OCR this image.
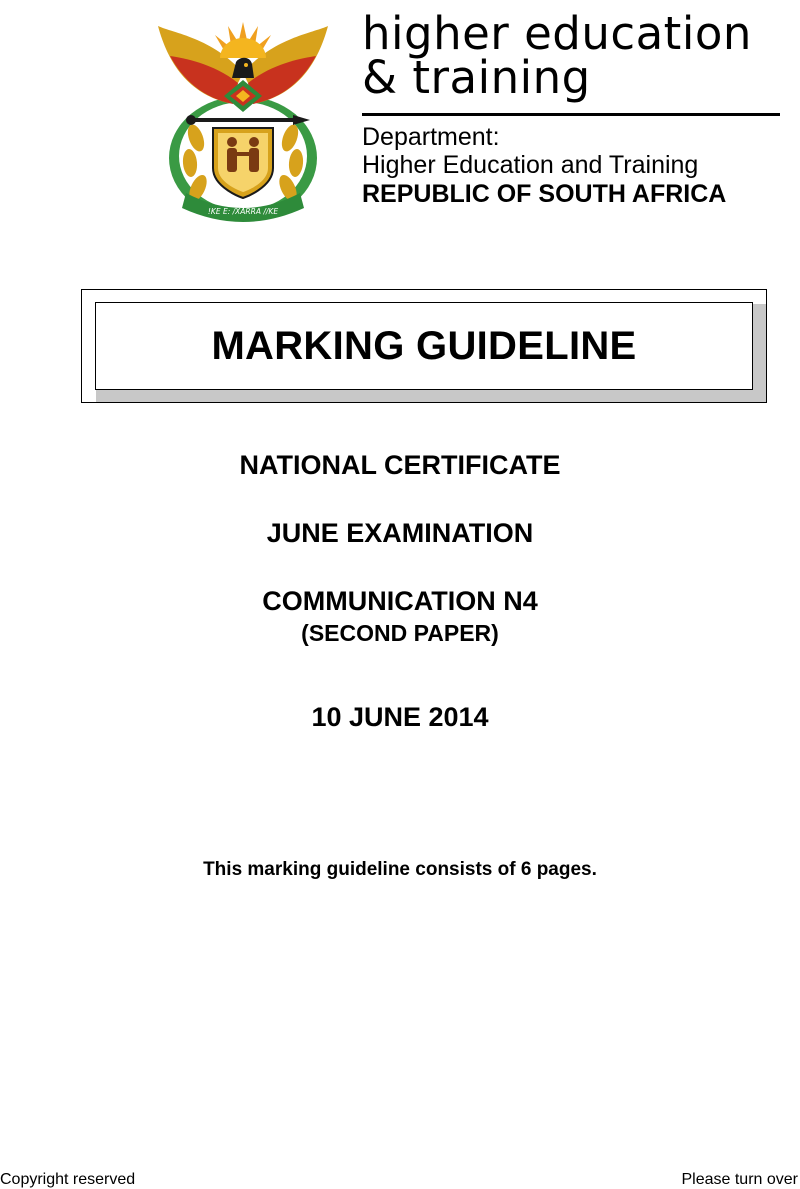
!KE E: /XARRA //KE
higher education
& training
Department:
Higher Education and Training
REPUBLIC OF SOUTH AFRICA
MARKING GUIDELINE
NATIONAL CERTIFICATE
JUNE EXAMINATION
COMMUNICATION N4
(SECOND PAPER)
10 JUNE 2014
This marking guideline consists of 6 pages.
Copyright reserved	Please turn over
